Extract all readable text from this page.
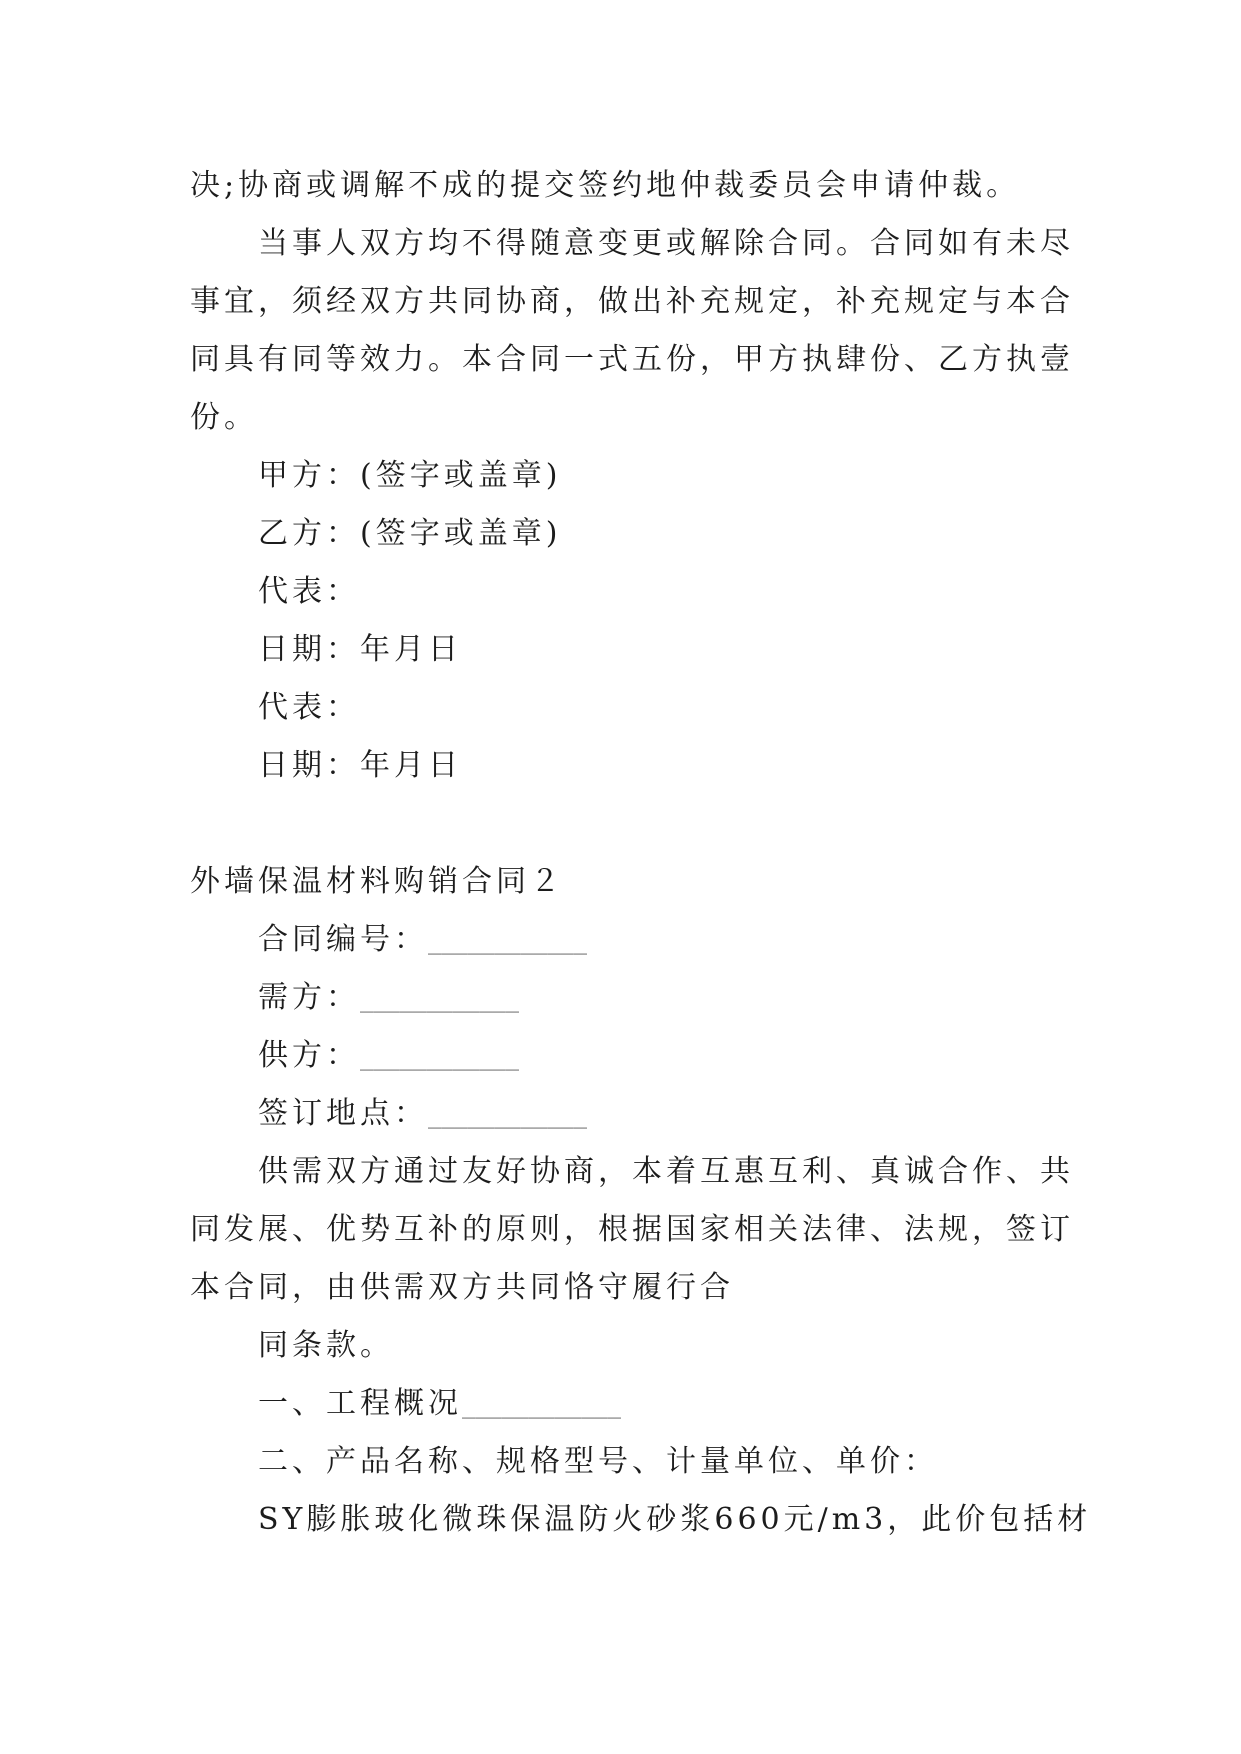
决;协商或调解不成的提交签约地仲裁委员会申请仲裁。
当事人双方均不得随意变更或解除合同。合同如有未尽
事宜，须经双方共同协商，做出补充规定，补充规定与本合
同具有同等效力。本合同一式五份，甲方执肆份、乙方执壹
份。
甲方：(签字或盖章)
乙方：(签字或盖章)
代表：
日期：年月日
代表：
日期：年月日
外墙保温材料购销合同２
合同编号：____________
需方：____________
供方：____________
签订地点：____________
供需双方通过友好协商，本着互惠互利、真诚合作、共
同发展、优势互补的原则，根据国家相关法律、法规，签订
本合同，由供需双方共同恪守履行合
同条款。
一、工程概况____________
二、产品名称、规格型号、计量单位、单价：
SY膨胀玻化微珠保温防火砂浆660元/m3，此价包括材
